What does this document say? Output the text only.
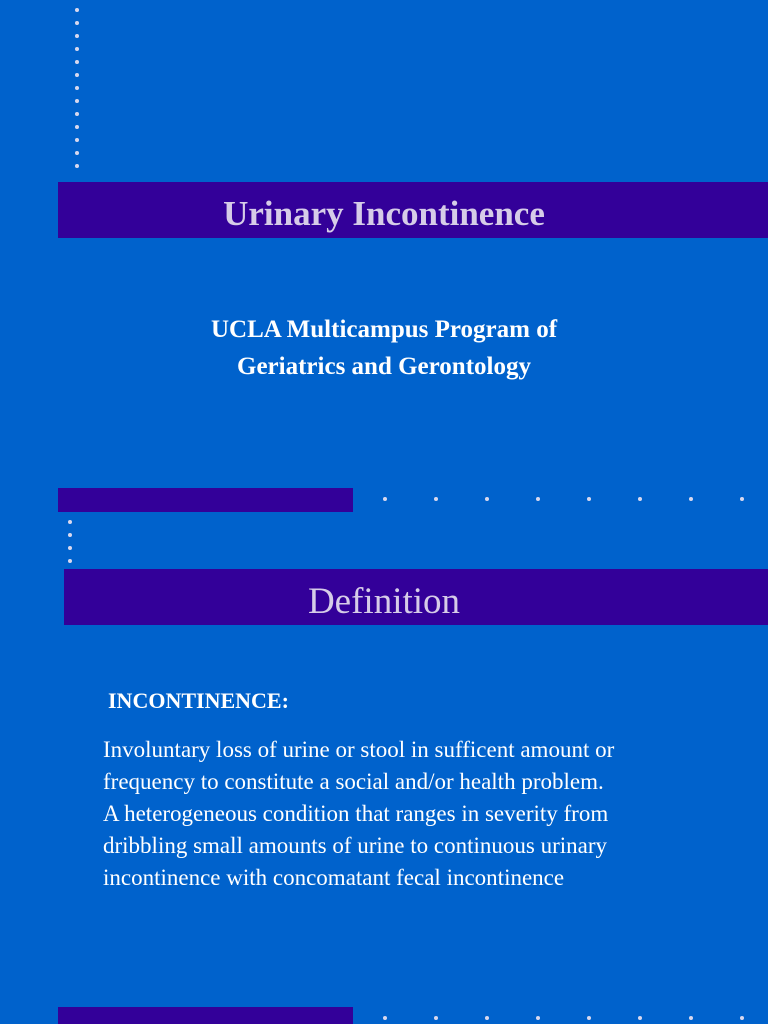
Urinary Incontinence
UCLA Multicampus Program of
Geriatrics and Gerontology
Definition
INCONTINENCE:
Involuntary loss of urine or stool in sufficent amount or
frequency to constitute a social and/or health problem.
A heterogeneous condition that ranges in severity from
dribbling small amounts of urine to continuous urinary
incontinence with concomatant fecal incontinence
